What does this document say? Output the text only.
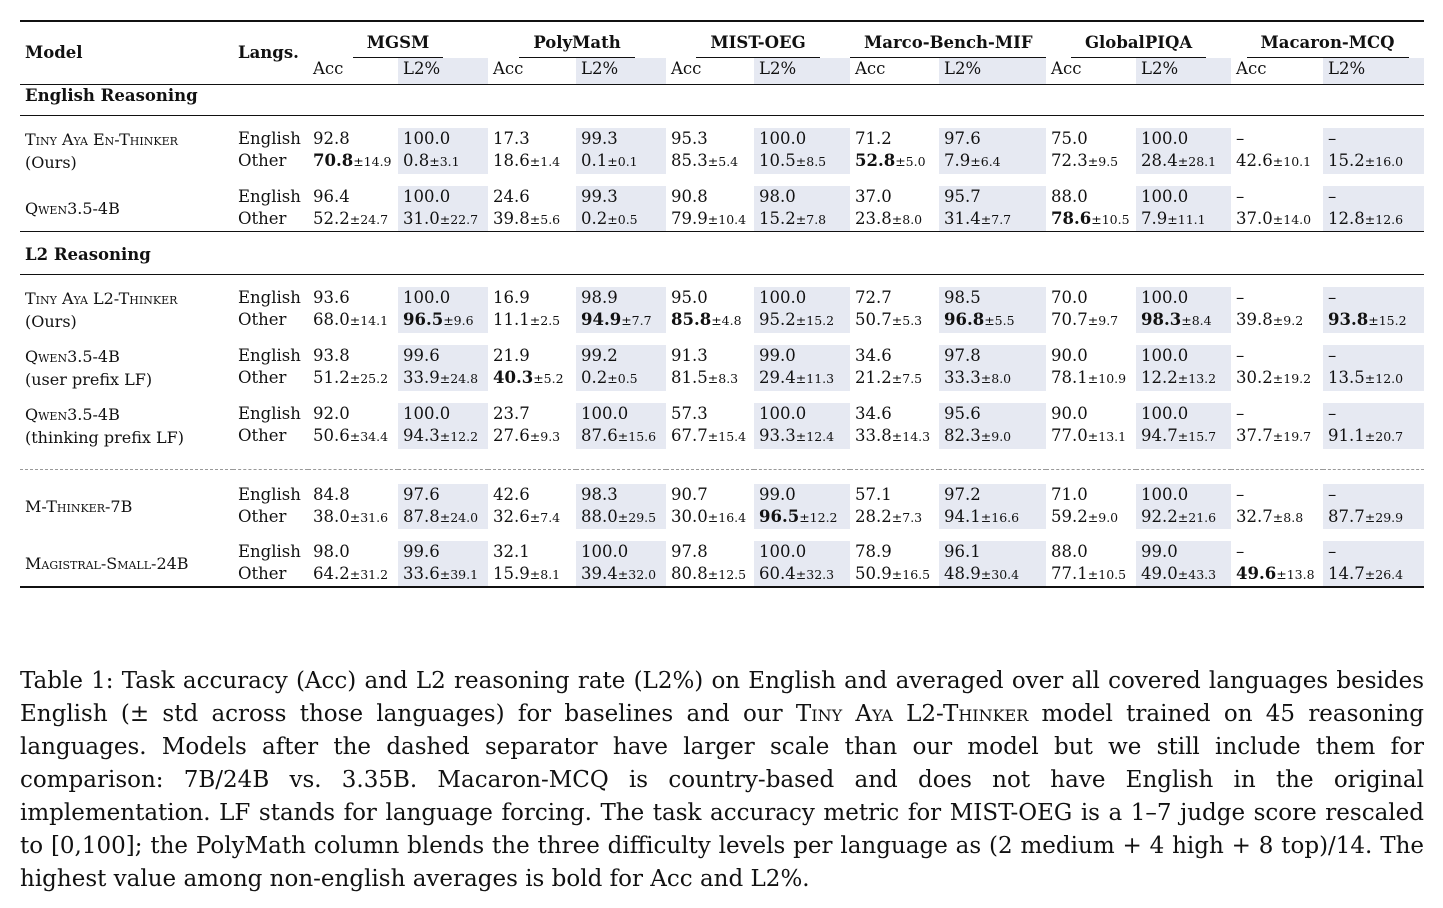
Model	Langs.	MGSM		PolyMath		MIST-OEG		Marco-Bench-MIF		GlobalPIQA		Macaron-MCQ	
		Acc	L2%	Acc	L2%	Acc	L2%	Acc	L2%	Acc	L2%	Acc	L2%
English Reasoning													

Tiny Aya En-Thinker
(Ours)	English	92.8	100.0	17.3	99.3	95.3	100.0	71.2	97.6	75.0	100.0	–	–
	Other	70.8±14.9	0.8±3.1	18.6±1.4	0.1±0.1	85.3±5.4	10.5±8.5	52.8±5.0	7.9±6.4	72.3±9.5	28.4±28.1	42.6±10.1	15.2±16.0

Qwen3.5-4B	English	96.4	100.0	24.6	99.3	90.8	98.0	37.0	95.7	88.0	100.0	–	–
	Other	52.2±24.7	31.0±22.7	39.8±5.6	0.2±0.5	79.9±10.4	15.2±7.8	23.8±8.0	31.4±7.7	78.6±10.5	7.9±11.1	37.0±14.0	12.8±12.6

L2 Reasoning													

Tiny Aya L2-Thinker
(Ours)	English	93.6	100.0	16.9	98.9	95.0	100.0	72.7	98.5	70.0	100.0	–	–
	Other	68.0±14.1	96.5±9.6	11.1±2.5	94.9±7.7	85.8±4.8	95.2±15.2	50.7±5.3	96.8±5.5	70.7±9.7	98.3±8.4	39.8±9.2	93.8±15.2

Qwen3.5-4B
(user prefix LF)	English	93.8	99.6	21.9	99.2	91.3	99.0	34.6	97.8	90.0	100.0	–	–
	Other	51.2±25.2	33.9±24.8	40.3±5.2	0.2±0.5	81.5±8.3	29.4±11.3	21.2±7.5	33.3±8.0	78.1±10.9	12.2±13.2	30.2±19.2	13.5±12.0

Qwen3.5-4B
(thinking prefix LF)	English	92.0	100.0	23.7	100.0	57.3	100.0	34.6	95.6	90.0	100.0	–	–
	Other	50.6±34.4	94.3±12.2	27.6±9.3	87.6±15.6	67.7±15.4	93.3±12.4	33.8±14.3	82.3±9.0	77.0±13.1	94.7±15.7	37.7±19.7	91.1±20.7

M-Thinker-7B	English	84.8	97.6	42.6	98.3	90.7	99.0	57.1	97.2	71.0	100.0	–	–
	Other	38.0±31.6	87.8±24.0	32.6±7.4	88.0±29.5	30.0±16.4	96.5±12.2	28.2±7.3	94.1±16.6	59.2±9.0	92.2±21.6	32.7±8.8	87.7±29.9

Magistral-Small-24B	English	98.0	99.6	32.1	100.0	97.8	100.0	78.9	96.1	88.0	99.0	–	–
	Other	64.2±31.2	33.6±39.1	15.9±8.1	39.4±32.0	80.8±12.5	60.4±32.3	50.9±16.5	48.9±30.4	77.1±10.5	49.0±43.3	49.6±13.8	14.7±26.4

Table 1: Task accuracy (Acc) and L2 reasoning rate (L2%) on English and averaged over all covered languages besides English (± std across those languages) for baselines and our Tiny Aya L2-Thinker model trained on 45 reasoning languages. Models after the dashed separator have larger scale than our model but we still include them for comparison: 7B/24B vs. 3.35B. Macaron-MCQ is country-based and does not have English in the original implementation. LF stands for language forcing. The task accuracy metric for MIST-OEG is a 1–7 judge score rescaled to [0,100]; the PolyMath column blends the three difficulty levels per language as (2 medium + 4 high + 8 top)/14. The highest value among non-english averages is bold for Acc and L2%.
